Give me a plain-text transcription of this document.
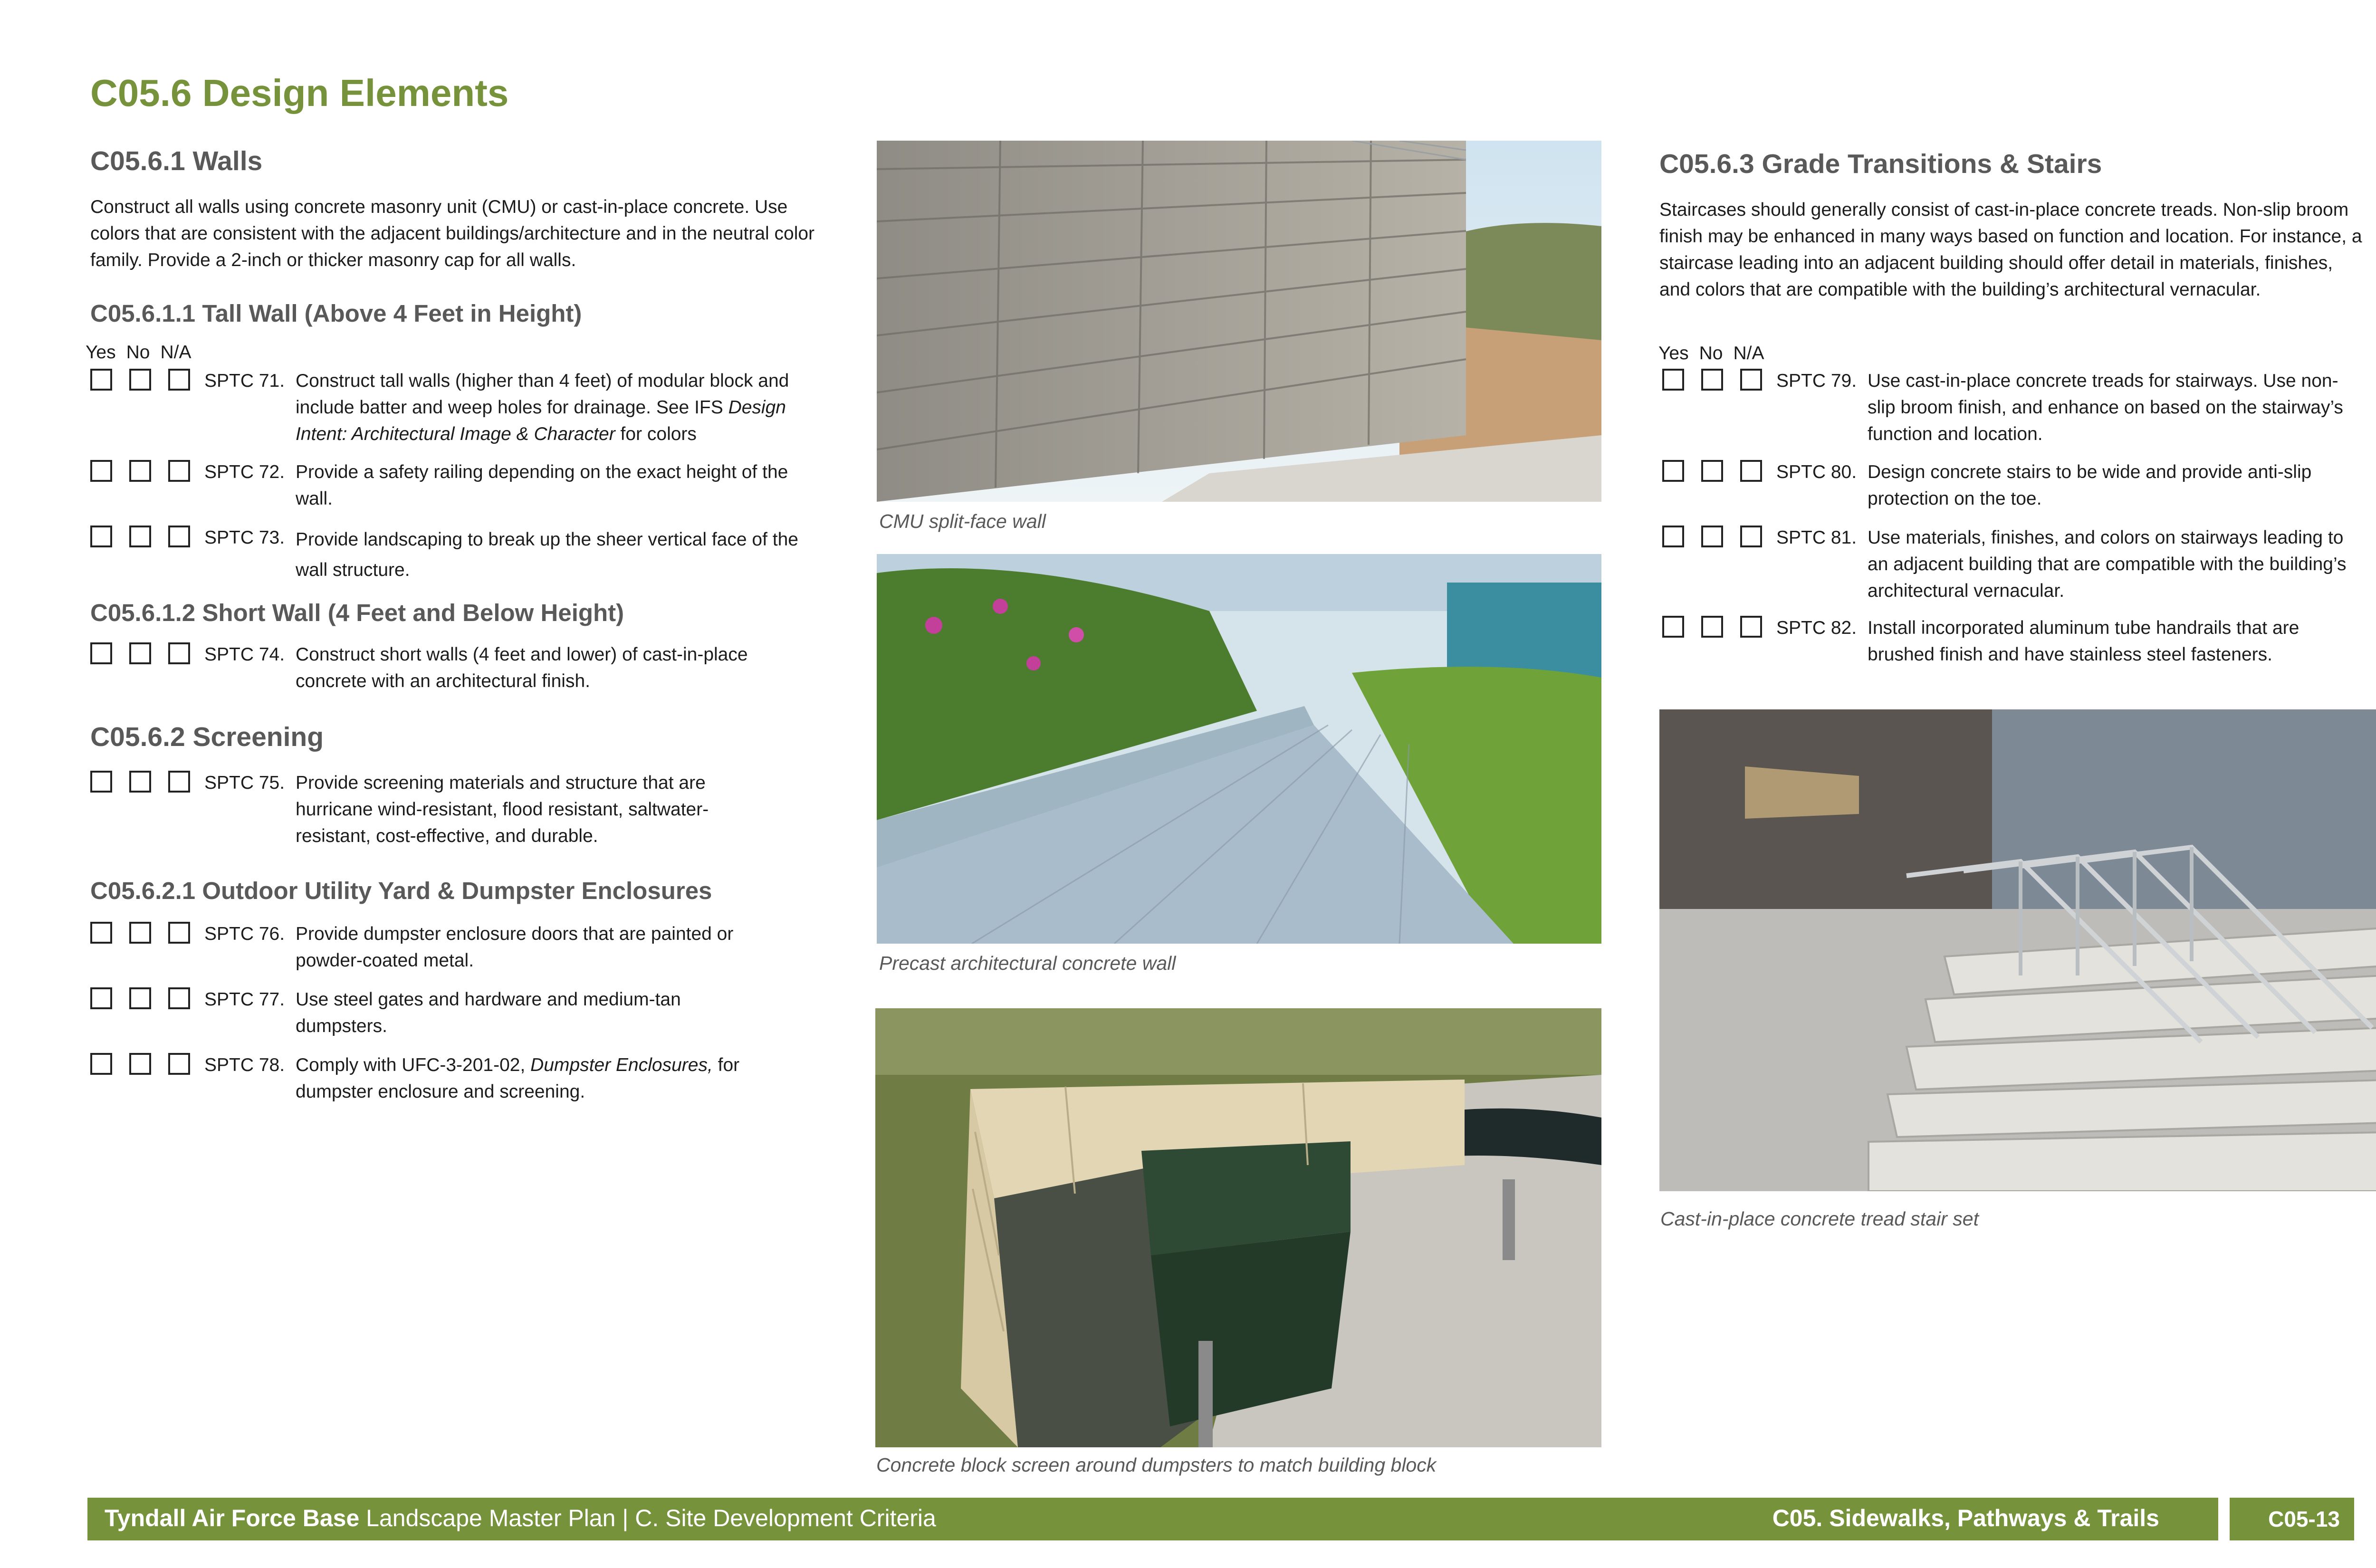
C05.6 Design Elements
C05.6.1 Walls

Construct all walls using concrete masonry unit (CMU) or cast-in-place concrete. Use colors that are consistent with the adjacent buildings/architecture and in the neutral color family. Provide a 2-inch or thicker masonry cap for all walls.

C05.6.1.1 Tall Wall (Above 4 Feet in Height)
Yes No N/A
SPTC 71. Construct tall walls (higher than 4 feet) of modular block and include batter and weep holes for drainage. See IFS Design Intent: Architectural Image & Character for colors
SPTC 72. Provide a safety railing depending on the exact height of the wall.
SPTC 73. Provide landscaping to break up the sheer vertical face of the wall structure.
C05.6.1.2 Short Wall (4 Feet and Below Height)
SPTC 74. Construct short walls (4 feet and lower) of cast-in-place concrete with an architectural finish.
C05.6.2 Screening
SPTC 75. Provide screening materials and structure that are hurricane wind-resistant, flood resistant, saltwater-resistant, cost-effective, and durable.
C05.6.2.1 Outdoor Utility Yard & Dumpster Enclosures
SPTC 76. Provide dumpster enclosure doors that are painted or powder-coated metal.
SPTC 77. Use steel gates and hardware and medium-tan dumpsters.
SPTC 78. Comply with UFC-3-201-02, Dumpster Enclosures, for dumpster enclosure and screening.
CMU split-face wall
Precast architectural concrete wall
Concrete block screen around dumpsters to match building block
C05.6.3 Grade Transitions & Stairs

Staircases should generally consist of cast-in-place concrete treads. Non-slip broom finish may be enhanced in many ways based on function and location. For instance, a staircase leading into an adjacent building should offer detail in materials, finishes, and colors that are compatible with the building’s architectural vernacular.

Yes No N/A
SPTC 79. Use cast-in-place concrete treads for stairways. Use non-slip broom finish, and enhance on based on the stairway’s function and location.
SPTC 80. Design concrete stairs to be wide and provide anti-slip protection on the toe.
SPTC 81. Use materials, finishes, and colors on stairways leading to an adjacent building that are compatible with the building’s architectural vernacular.
SPTC 82. Install incorporated aluminum tube handrails that are brushed finish and have stainless steel fasteners.
Cast-in-place concrete tread stair set
Tyndall Air Force Base Landscape Master Plan | C. Site Development Criteria	C05. Sidewalks, Pathways & Trails	C05-13
